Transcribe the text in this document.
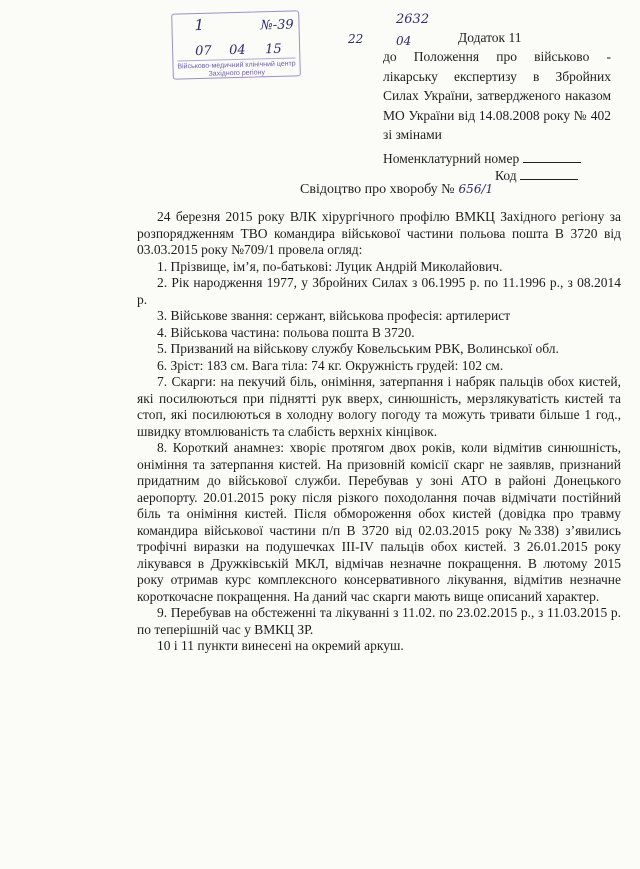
1	№-39
07 04 15
Військово-медичний клінічний центр Західного регіону
2632
22	04	Додаток 11
до Положення про військово - лікарську експертизу в Збройних Силах України, затвердженого наказом МО України від 14.08.2008 року № 402 зі змінами
Номенклатурний номер
Код
Свідоцтво про хворобу № 656/1

24 березня 2015 року ВЛК хірургічного профілю ВМКЦ Західного регіону за розпорядженням ТВО командира військової частини польова пошта В 3720 від 03.03.2015 року №709/1 провела огляд:

1. Прізвище, ім’я, по-батькові: Луцик Андрій Миколайович.

2. Рік народження 1977, у Збройних Силах з 06.1995 р. по 11.1996 р., з 08.2014 р.

3. Військове звання: сержант, військова професія: артилерист

4. Військова частина: польова пошта В 3720.

5. Призваний на військову службу Ковельським РВК, Волинської обл.

6. Зріст: 183 см. Вага тіла: 74 кг. Окружність грудей: 102 см.

7. Скарги: на пекучий біль, оніміння, затерпання і набряк пальців обох кистей, які посилюються при піднятті рук вверх, синюшність, мерзлякуватість кистей та стоп, які посилюються в холодну вологу погоду та можуть тривати більше 1 год., швидку втомлюваність та слабість верхніх кінцівок.

8. Короткий анамнез: хворіє протягом двох років, коли відмітив синюшність, оніміння та затерпання кистей. На призовній комісії скарг не заявляв, признаний придатним до військової служби. Перебував у зоні АТО в районі Донецького аеропорту. 20.01.2015 року після різкого походолання почав відмічати постійний біль та оніміння кистей. Після обмороження обох кистей (довідка про травму командира військової частини п/п В 3720 від 02.03.2015 року №338) з’явились трофічні виразки на подушечках III-IV пальців обох кистей. З 26.01.2015 року лікувався в Дружківській МКЛ, відмічав незначне покращення. В лютому 2015 року отримав курс комплексного консервативного лікування, відмітив незначне короткочасне покращення. На даний час скарги мають вище описаний характер.

9. Перебував на обстеженні та лікуванні з 11.02. по 23.02.2015 р., з 11.03.2015 р. по теперішній час у ВМКЦ ЗР.

10 і 11 пункти винесені на окремий аркуш.
